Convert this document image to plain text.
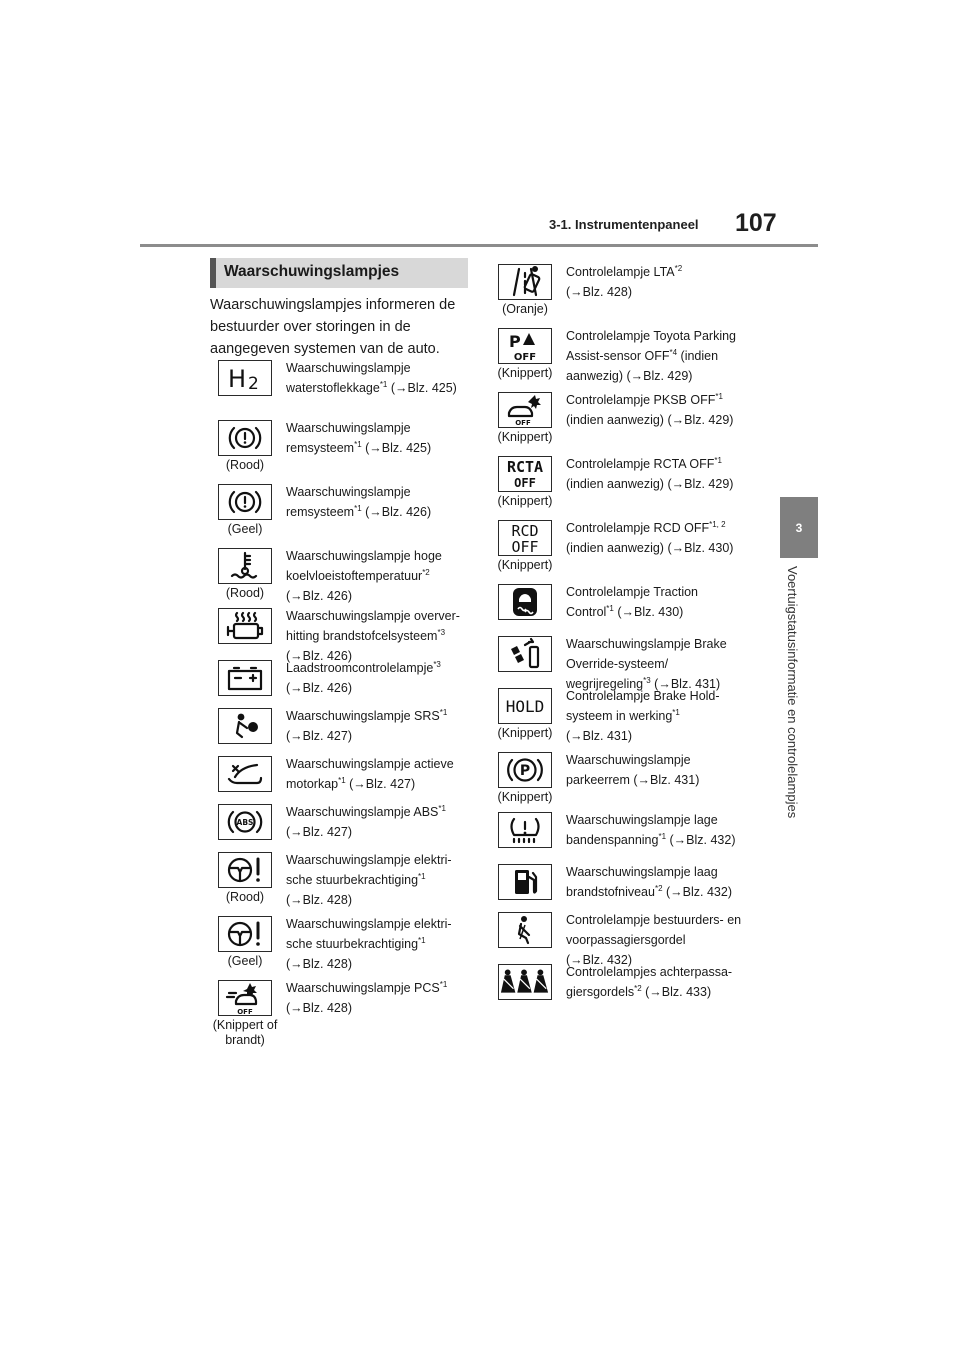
3-1. Instrumentenpaneel 107
3
Voertuigstatusinformatie en controlelampjes
Waarschuwingslampjes
Waarschuwingslampjes informeren de bestuurder over storingen in de aangegeven systemen van de auto.
H 2
Waarschuwingslampje
waterstoflekkage$^{*1}$ (→Blz. 425)
(Rood)
Waarschuwingslampje
remsysteem$^{*1}$ (→Blz. 425)
(Geel)
Waarschuwingslampje
remsysteem$^{*1}$ (→Blz. 426)
(Rood)
Waarschuwingslampje hoge
koelvloeistoftemperatuur$^{*2}$
(→Blz. 426)
Waarschuwingslampje overver-
hitting brandstofcelsysteem$^{*3}$
(→Blz. 426)
Laadstroomcontrolelampje$^{*3}$
(→Blz. 426)
Waarschuwingslampje SRS$^{*1}$
(→Blz. 427)
Waarschuwingslampje actieve
motorkap$^{*1}$ (→Blz. 427)
ABS
Waarschuwingslampje ABS$^{*1}$
(→Blz. 427)
(Rood)
Waarschuwingslampje elektri-
sche stuurbekrachtiging$^{*1}$
(→Blz. 428)
(Geel)
Waarschuwingslampje elektri-
sche stuurbekrachtiging$^{*1}$
(→Blz. 428)
OFF
(Knippert of brandt)
Waarschuwingslampje PCS$^{*1}$
(→Blz. 428)
(Oranje)
Controlelampje LTA$^{*2}$
(→Blz. 428)
P
OFF
(Knippert)
Controlelampje Toyota Parking
Assist-sensor OFF$^{*4}$ (indien aanwezig) (→Blz. 429)
OFF
(Knippert)
Controlelampje PKSB OFF$^{*1}$
(indien aanwezig) (→Blz. 429)
RCTA
OFF
(Knippert)
Controlelampje RCTA OFF$^{*1}$
(indien aanwezig) (→Blz. 429)
RCD
OFF
(Knippert)
Controlelampje RCD OFF$^{*1, 2}$
(indien aanwezig) (→Blz. 430)
Controlelampje Traction
Control$^{*1}$ (→Blz. 430)
Waarschuwingslampje Brake Override-systeem/
wegrijregeling$^{*3}$ (→Blz. 431)
HOLD
(Knippert)
Controlelampje Brake Hold-
systeem in werking$^{*1}$
(→Blz. 431)
P
(Knippert)
Waarschuwingslampje
parkeerrem (→Blz. 431)
Waarschuwingslampje lage
bandenspanning$^{*1}$ (→Blz. 432)
Waarschuwingslampje laag
brandstofniveau$^{*2}$ (→Blz. 432)
Controlelampje bestuurders- en voorpassagiersgordel
(→Blz. 432)
Controlelampjes achterpassa-
giersgordels$^{*2}$ (→Blz. 433)
